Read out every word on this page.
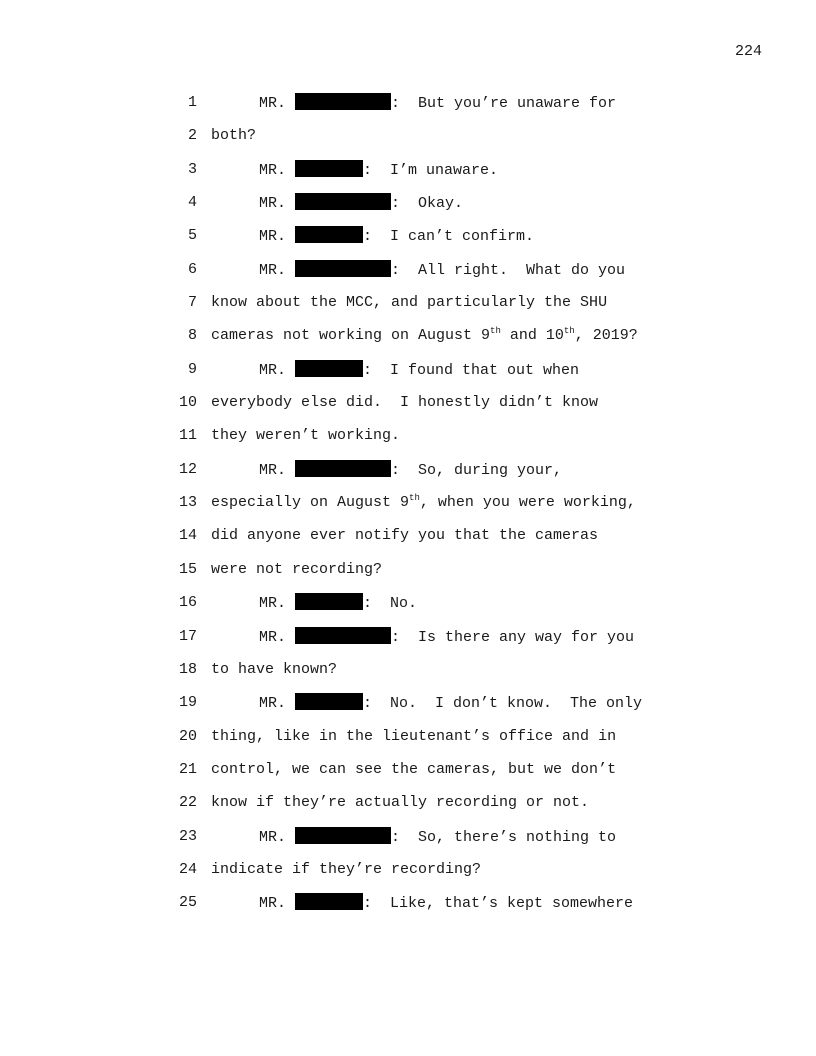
224
1	MR.	:  But you’re unaware for
2 both?
3	MR.	:  I’m unaware.
4	MR.	:  Okay.
5	MR.	:  I can’t confirm.
6	MR.	:  All right.  What do you
7 know about the MCC, and particularly the SHU
8 cameras not working on August 9th and 10th, 2019?
9	MR.	:  I found that out when
10 everybody else did.  I honestly didn’t know
11 they weren’t working.
12	MR.	:  So, during your,
13 especially on August 9th, when you were working,
14 did anyone ever notify you that the cameras
15 were not recording?
16	MR.	:  No.
17	MR.	:  Is there any way for you
18 to have known?
19	MR.	:  No.  I don’t know.  The only
20 thing, like in the lieutenant’s office and in
21 control, we can see the cameras, but we don’t
22 know if they’re actually recording or not.
23	MR.	:  So, there’s nothing to
24 indicate if they’re recording?
25	MR.	:  Like, that’s kept somewhere
